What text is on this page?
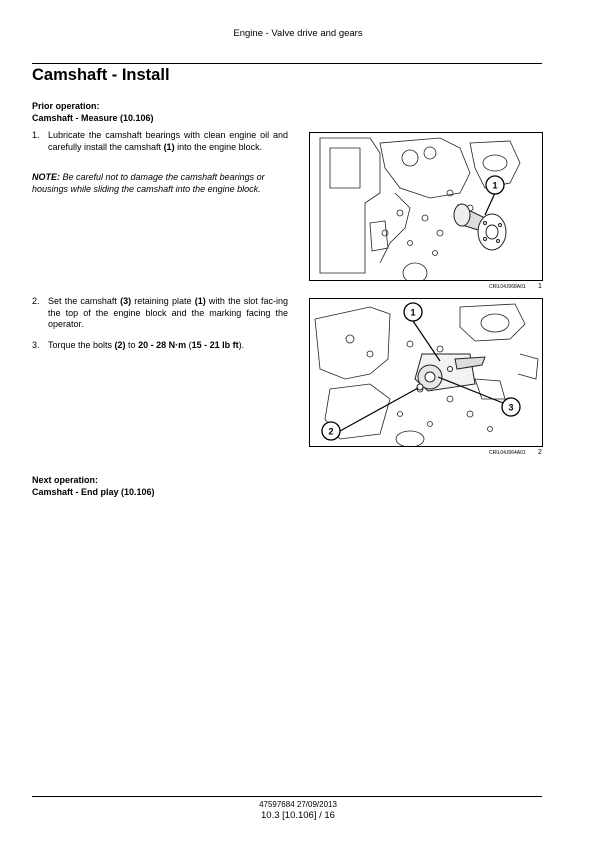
Engine - Valve drive and gears
Camshaft - Install
Prior operation:
Camshaft - Measure (10.106)
1. Lubricate the camshaft bearings with clean engine oil and carefully install the camshaft (1) into the engine block.
NOTE: Be careful not to damage the camshaft bearings or housings while sliding the camshaft into the engine block.	1
CRIL04J068A01 1
2. Set the camshaft (3) retaining plate (1) with the slot fac-ing the top of the engine block and the marking facing the operator.
3. Torque the bolts (2) to 20 - 28 N·m (15 - 21 lb ft).
1
2
3
CRIL04J064A01 2
Next operation:
Camshaft - End play (10.106)
47597684 27/09/2013
10.3 [10.106] / 16
